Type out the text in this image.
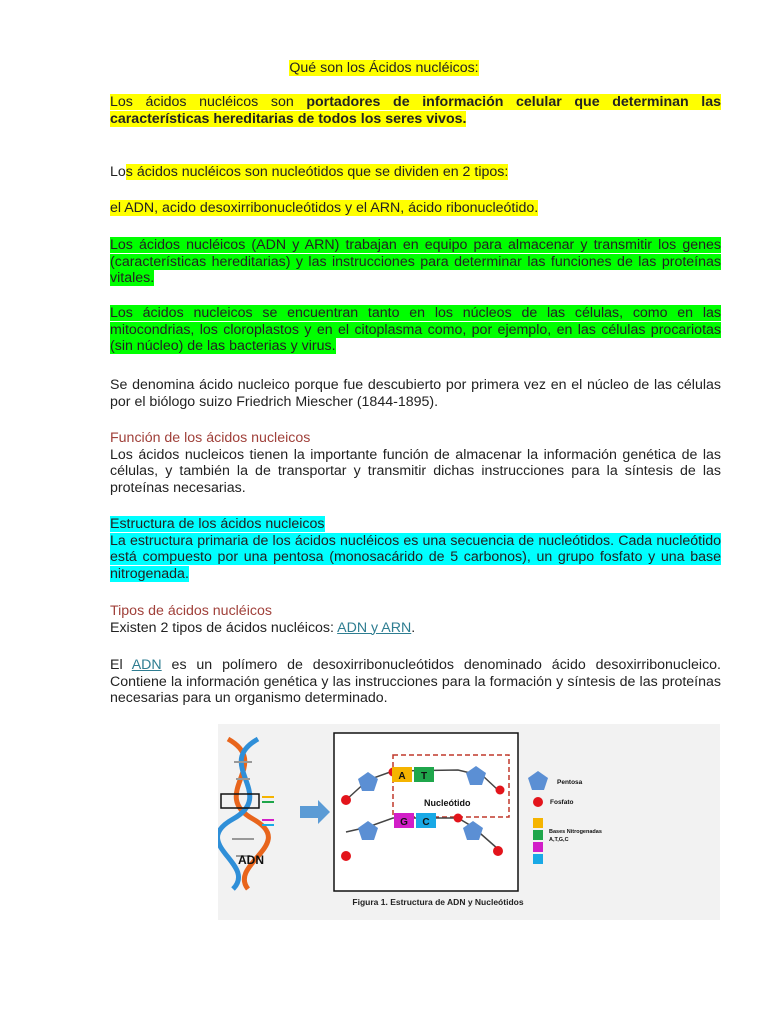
Qué son los Ácidos nucléicos:

Los ácidos nucléicos son portadores de información celular que determinan las características hereditarias de todos los seres vivos.

Los ácidos nucléicos son nucleótidos que se dividen en 2 tipos:

el ADN, acido desoxirribonucleótidos y el ARN, ácido ribonucleótido.

Los ácidos nucléicos (ADN y ARN) trabajan en equipo para almacenar y transmitir los genes (características hereditarias) y las instrucciones para determinar las funciones de las proteínas vitales.

Los ácidos nucleicos se encuentran tanto en los núcleos de las células, como en las mitocondrias, los cloroplastos y en el citoplasma como, por ejemplo, en las células procariotas (sin núcleo) de las bacterias y virus.

Se denomina ácido nucleico porque fue descubierto por primera vez en el núcleo de las células por el biólogo suizo Friedrich Miescher (1844-1895).

Función de los ácidos nucleicos
Los ácidos nucleicos tienen la importante función de almacenar la información genética de las células, y también la de transportar y transmitir dichas instrucciones para la síntesis de las proteínas necesarias.
Estructura de los ácidos nucleicos
La estructura primaria de los ácidos nucléicos es una secuencia de nucleótidos. Cada nucleótido está compuesto por una pentosa (monosacárido de 5 carbonos), un grupo fosfato y una base nitrogenada.
Tipos de ácidos nucléicos
Existen 2 tipos de ácidos nucléicos: ADN y ARN.

El ADN es un polímero de desoxirribonucleótidos denominado ácido desoxirribonucleico. Contiene la información genética y las instrucciones para la formación y síntesis de las proteínas necesarias para un organismo determinado.

ADN
A T
G C
Nucleótido
Pentosa
Fosfato
Bases Nitrogenadas
A,T,G,C
Figura 1. Estructura de ADN y Nucleótidos
